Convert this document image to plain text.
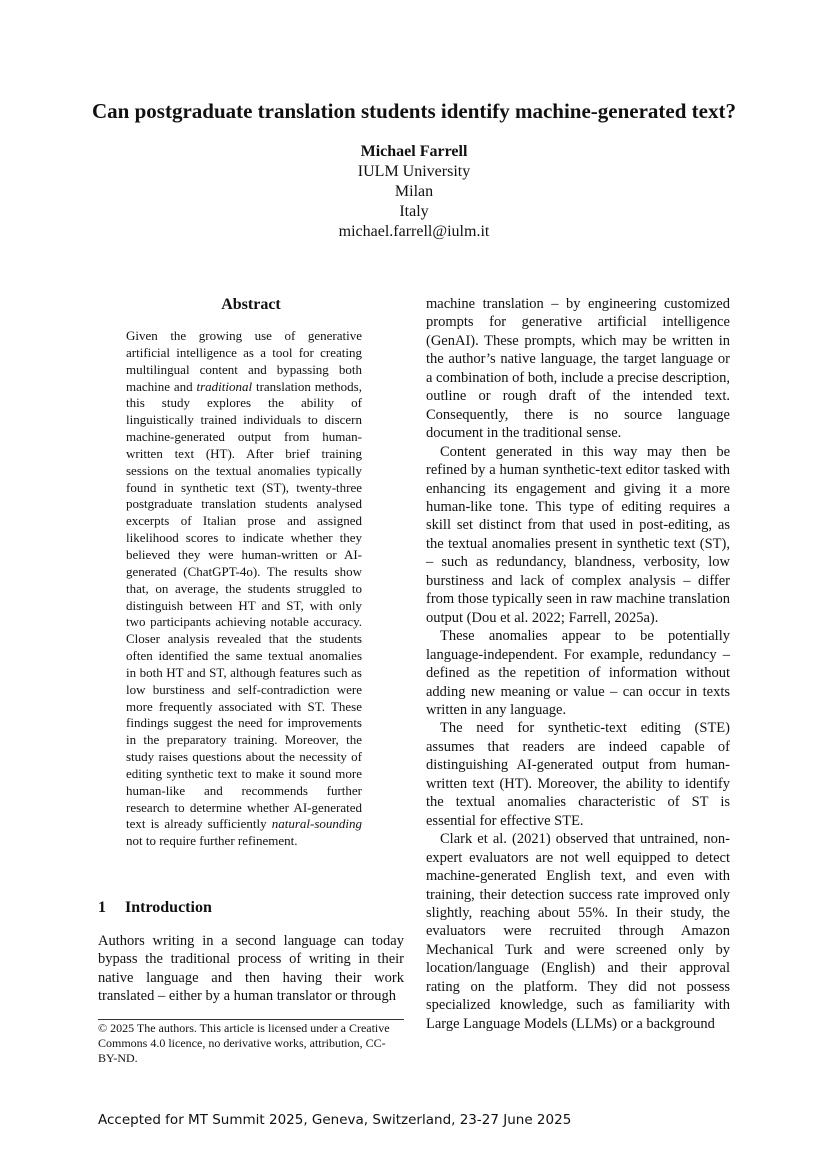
Can postgraduate translation students identify machine-generated text?
Michael Farrell
IULM University
Milan
Italy
michael.farrell@iulm.it
Abstract

Given the growing use of generative artificial intelligence as a tool for creating multilingual content and bypassing both machine and traditional translation methods, this study explores the ability of linguistically trained individuals to discern machine-generated output from human-written text (HT). After brief training sessions on the textual anomalies typically found in synthetic text (ST), twenty-three postgraduate translation students analysed excerpts of Italian prose and assigned likelihood scores to indicate whether they believed they were human-written or AI-generated (ChatGPT-4o). The results show that, on average, the students struggled to distinguish between HT and ST, with only two participants achieving notable accuracy. Closer analysis revealed that the students often identified the same textual anomalies in both HT and ST, although features such as low burstiness and self-contradiction were more frequently associated with ST. These findings suggest the need for improvements in the preparatory training. Moreover, the study raises questions about the necessity of editing synthetic text to make it sound more human-like and recommends further research to determine whether AI-generated text is already sufficiently natural-sounding not to require further refinement.

1 Introduction

Authors writing in a second language can today bypass the traditional process of writing in their native language and then having their work translated – either by a human translator or through

© 2025 The authors. This article is licensed under a Creative Commons 4.0 licence, no derivative works, attribution, CC-BY-ND.

machine translation – by engineering customized prompts for generative artificial intelligence (GenAI). These prompts, which may be written in the author’s native language, the target language or a combination of both, include a precise description, outline or rough draft of the intended text. Consequently, there is no source language document in the traditional sense.

Content generated in this way may then be refined by a human synthetic-text editor tasked with enhancing its engagement and giving it a more human-like tone. This type of editing requires a skill set distinct from that used in post-editing, as the textual anomalies present in synthetic text (ST), – such as redundancy, blandness, verbosity, low burstiness and lack of complex analysis – differ from those typically seen in raw machine translation output (Dou et al. 2022; Farrell, 2025a).

These anomalies appear to be potentially language-independent. For example, redundancy – defined as the repetition of information without adding new meaning or value – can occur in texts written in any language.

The need for synthetic-text editing (STE) assumes that readers are indeed capable of distinguishing AI-generated output from human-written text (HT). Moreover, the ability to identify the textual anomalies characteristic of ST is essential for effective STE.

Clark et al. (2021) observed that untrained, non-expert evaluators are not well equipped to detect machine-generated English text, and even with training, their detection success rate improved only slightly, reaching about 55%. In their study, the evaluators were recruited through Amazon Mechanical Turk and were screened only by location/language (English) and their approval rating on the platform. They did not possess specialized knowledge, such as familiarity with Large Language Models (LLMs) or a background

Accepted for MT Summit 2025, Geneva, Switzerland, 23-27 June 2025
